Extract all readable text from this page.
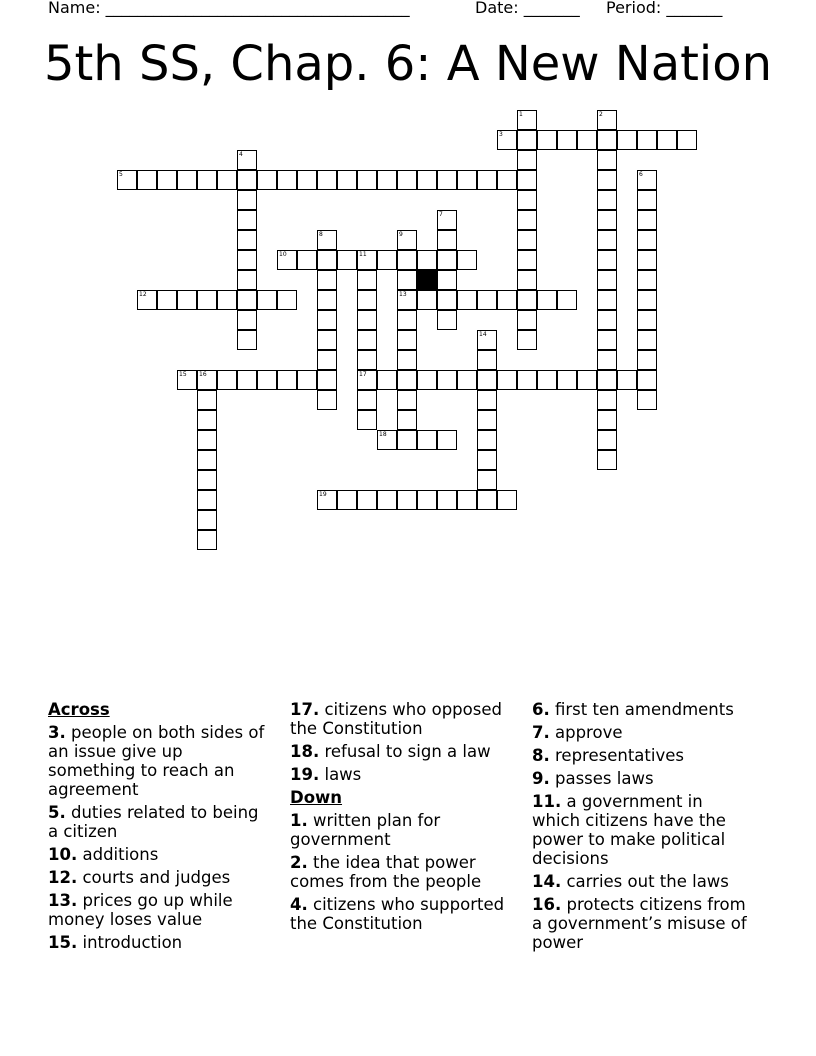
Name: ______________________________________

	Date: _______

Period: _______

5th SS, Chap. 6: A New Nation
1	2
3
4
5	6
7
8	9
10	11
12	13
14
15 16	17
18
19
Across
3. people on both sides of an issue give up something to reach an agreement
5. duties related to being a citizen
10. additions
12. courts and judges
13. prices go up while money loses value
15. introduction
17. citizens who opposed the Constitution
18. refusal to sign a law
19. laws
Down
1. written plan for government
2. the idea that power comes from the people
4. citizens who supported the Constitution
6. first ten amendments
7. approve
8. representatives
9. passes laws
11. a government in which citizens have the power to make political decisions
14. carries out the laws
16. protects citizens from a government’s misuse of power
